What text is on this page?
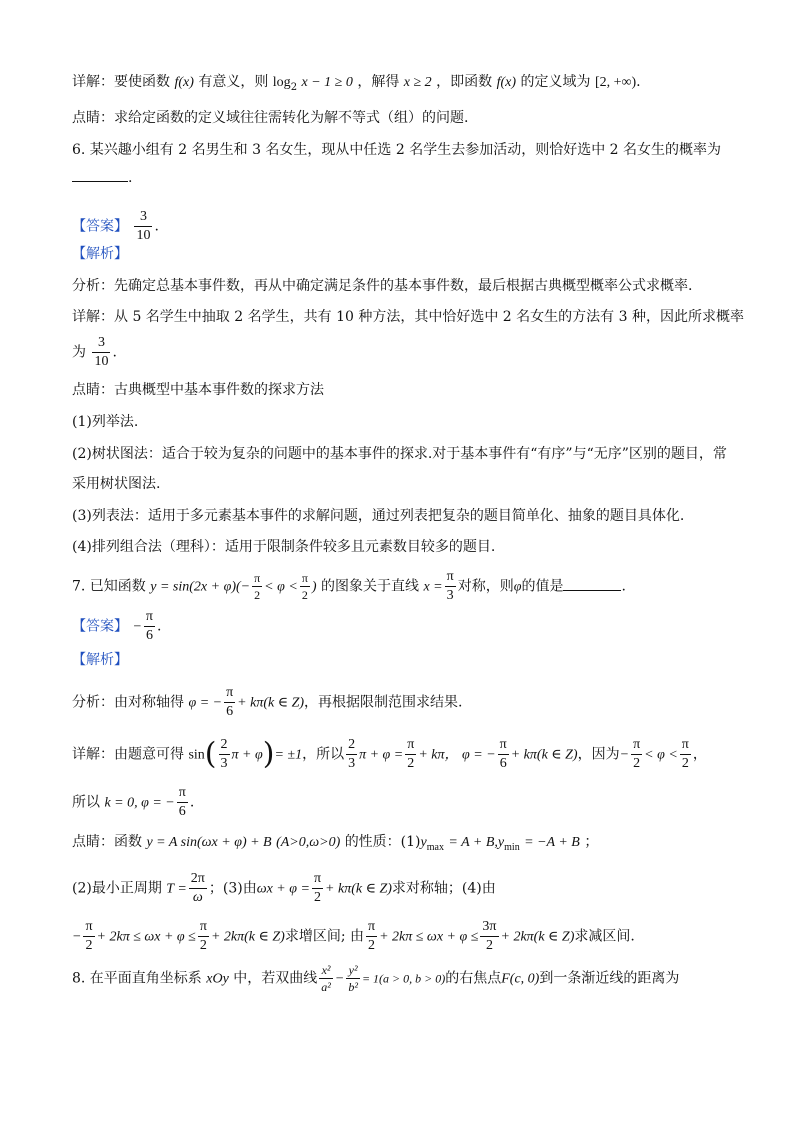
详解：要使函数 f(x) 有意义，则 $\log_2 x - 1 \ge 0$ ，解得 x ≥ 2 ，即函数 f(x) 的定义域为 [2, +∞).
点睛：求给定函数的定义域往往需转化为解不等式（组）的问题.
6. 某兴趣小组有 2 名男生和 3 名女生，现从中任选 2 名学生去参加活动，则恰好选中 2 名女生的概率为
.
【答案】 $\frac{3}{10}$ .
【解析】
分析：先确定总基本事件数，再从中确定满足条件的基本事件数，最后根据古典概型概率公式求概率.
详解：从 5 名学生中抽取 2 名学生，共有 10 种方法，其中恰好选中 2 名女生的方法有 3 种，因此所求概率
为 $\frac{3}{10}$ .
点睛：古典概型中基本事件数的探求方法
(1)列举法.
(2)树状图法：适合于较为复杂的问题中的基本事件的探求.对于基本事件有“有序”与“无序”区别的题目，常
采用树状图法.
(3)列表法：适用于多元素基本事件的求解问题，通过列表把复杂的题目简单化、抽象的题目具体化.
(4)排列组合法（理科）：适用于限制条件较多且元素数目较多的题目.
7. 已知函数 $y = \sin(2x + \varphi)(- \frac{\pi}{2} < \varphi < \frac{\pi}{2}$ ) 的图象关于直线 $x = \frac{\pi}{3}$ 对称，则φ的值是	.
【答案】 − $\frac{\pi}{6}$ .
【解析】
分析：由对称轴得 φ = − $\frac{\pi}{6} + k\pi(k$ ∈ Z)，再根据限制范围求结果.
详解：由题意可得 $\sin( \frac{2}{3}$ π + φ)= ±1，所以 $\frac{2}{3}$ $\pi + \varphi = \frac{\pi}{2} + k\pi$， φ = − $\frac{\pi}{6} + k\pi(k$ ∈ Z)，因为− $\frac{\pi}{2} < \varphi < \frac{\pi}{2}$ ，
所以 k = 0, φ = − $\frac{\pi}{6}$ .
点睛：函数 y = A sin(ωx + φ) + B (A>0,ω>0) 的性质：$(1)y_{max} = A + B,y_{min} = -A + B$ ；
(2)最小正周期 $T = \frac{2\pi}{\omega}$ ；(3)由$\omega x + \varphi = \frac{\pi}{2} + k\pi(k$ ∈ Z)求对称轴；(4)由
− $\frac{\pi}{2} + 2k\pi \le \omega x + \varphi \le \frac{\pi}{2} + 2k\pi(k$ ∈ Z)求增区间; 由 $\frac{\pi}{2} + 2k\pi \le \omega x + \varphi \le \frac{3\pi}{2} + 2k\pi(k$ ∈ Z)求减区间.
8. 在平面直角坐标系 xOy 中，若双曲线 $\frac{\text{x²}}{\text{a²}} - \frac{\text{y²}}{\text{b²}} = 1(a > 0$, b > 0)的右焦点F(c, 0)到一条渐近线的距离为
